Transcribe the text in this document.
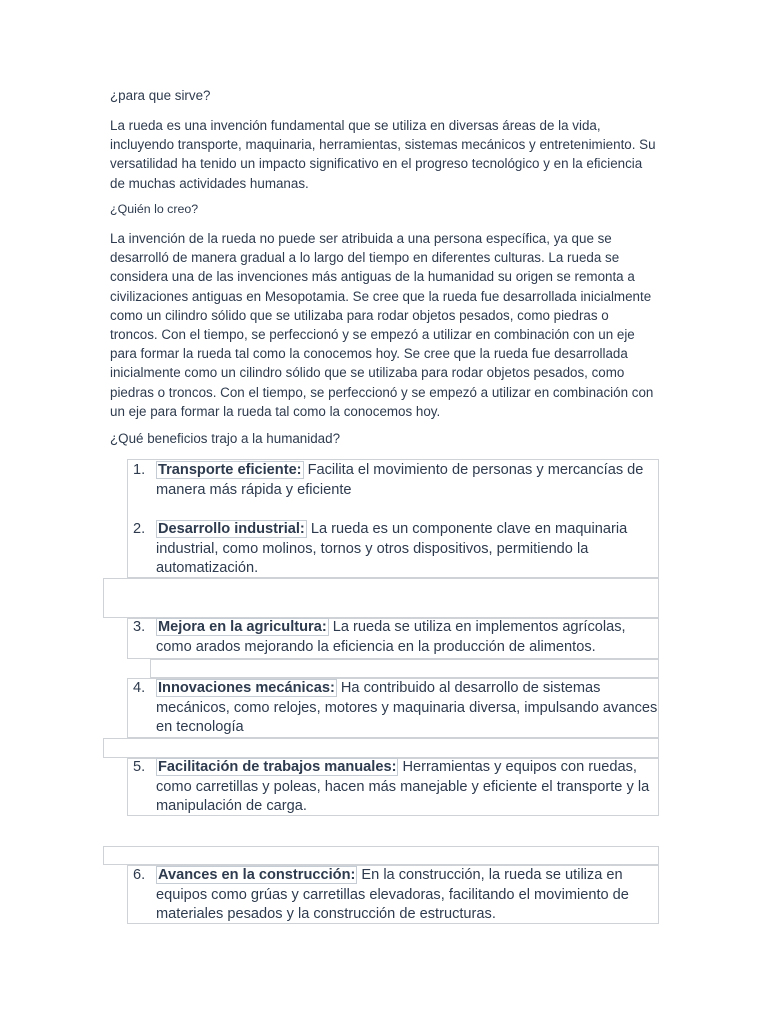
¿para que sirve?

La rueda es una invención fundamental que se utiliza en diversas áreas de la vida, incluyendo transporte, maquinaria, herramientas, sistemas mecánicos y entretenimiento. Su versatilidad ha tenido un impacto significativo en el progreso tecnológico y en la eficiencia de muchas actividades humanas.

¿Quién lo creo?

La invención de la rueda no puede ser atribuida a una persona específica, ya que se desarrolló de manera gradual a lo largo del tiempo en diferentes culturas. La rueda se considera una de las invenciones más antiguas de la humanidad su origen se remonta a civilizaciones antiguas en Mesopotamia. Se cree que la rueda fue desarrollada inicialmente como un cilindro sólido que se utilizaba para rodar objetos pesados, como piedras o troncos. Con el tiempo, se perfeccionó y se empezó a utilizar en combinación con un eje para formar la rueda tal como la conocemos hoy. Se cree que la rueda fue desarrollada inicialmente como un cilindro sólido que se utilizaba para rodar objetos pesados, como piedras o troncos. Con el tiempo, se perfeccionó y se empezó a utilizar en combinación con un eje para formar la rueda tal como la conocemos hoy.

¿Qué beneficios trajo a la humanidad?

1. Transporte eficiente: Facilita el movimiento de personas y mercancías de manera más rápida y eficiente
2. Desarrollo industrial: La rueda es un componente clave en maquinaria industrial, como molinos, tornos y otros dispositivos, permitiendo la automatización.
3. Mejora en la agricultura: La rueda se utiliza en implementos agrícolas, como arados mejorando la eficiencia en la producción de alimentos.
4. Innovaciones mecánicas: Ha contribuido al desarrollo de sistemas mecánicos, como relojes, motores y maquinaria diversa, impulsando avances en tecnología
5. Facilitación de trabajos manuales: Herramientas y equipos con ruedas, como carretillas y poleas, hacen más manejable y eficiente el transporte y la manipulación de carga.
6. Avances en la construcción: En la construcción, la rueda se utiliza en equipos como grúas y carretillas elevadoras, facilitando el movimiento de materiales pesados y la construcción de estructuras.
